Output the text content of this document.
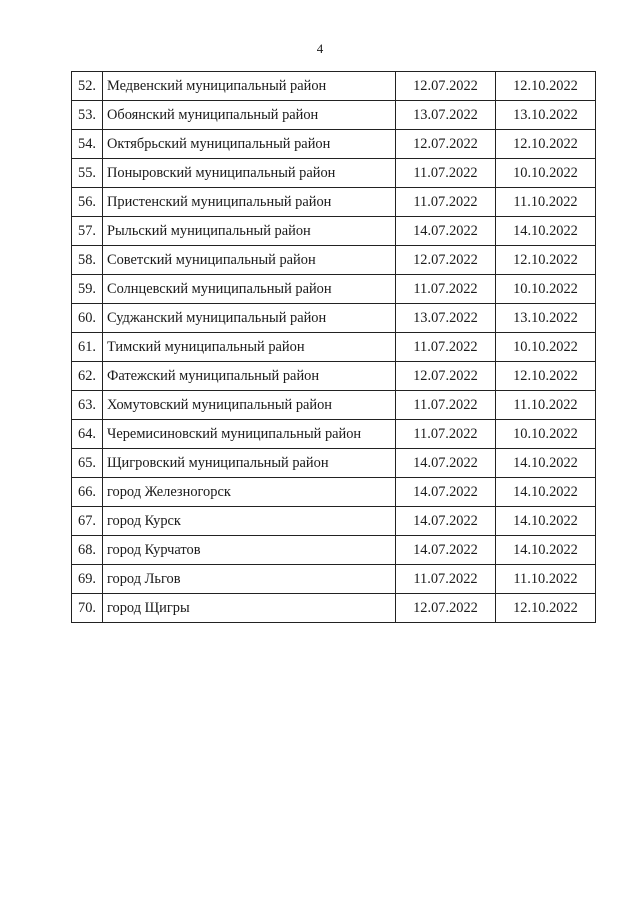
4
52.	Медвенский муниципальный район	12.07.2022	12.10.2022
53.	Обоянский муниципальный район	13.07.2022	13.10.2022
54.	Октябрьский муниципальный район	12.07.2022	12.10.2022
55.	Поныровский муниципальный район	11.07.2022	10.10.2022
56.	Пристенский муниципальный район	11.07.2022	11.10.2022
57.	Рыльский муниципальный район	14.07.2022	14.10.2022
58.	Советский муниципальный район	12.07.2022	12.10.2022
59.	Солнцевский муниципальный район	11.07.2022	10.10.2022
60.	Суджанский муниципальный район	13.07.2022	13.10.2022
61.	Тимский муниципальный район	11.07.2022	10.10.2022
62.	Фатежский муниципальный район	12.07.2022	12.10.2022
63.	Хомутовский муниципальный район	11.07.2022	11.10.2022
64.	Черемисиновский муниципальный район	11.07.2022	10.10.2022
65.	Щигровский муниципальный район	14.07.2022	14.10.2022
66.	город Железногорск	14.07.2022	14.10.2022
67.	город Курск	14.07.2022	14.10.2022
68.	город Курчатов	14.07.2022	14.10.2022
69.	город Льгов	11.07.2022	11.10.2022
70.	город Щигры	12.07.2022	12.10.2022
